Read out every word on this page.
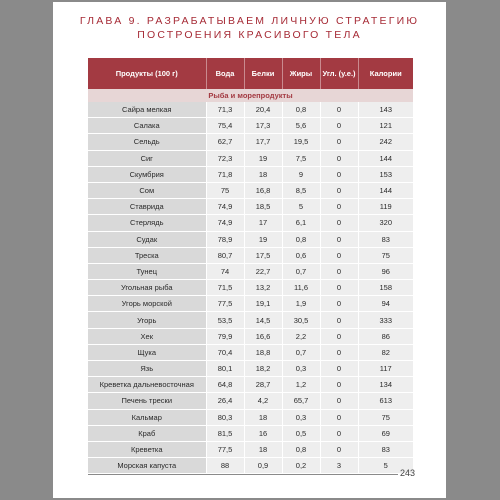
ГЛАВА 9. РАЗРАБАТЫВАЕМ ЛИЧНУЮ СТРАТЕГИЮ
ПОСТРОЕНИЯ КРАСИВОГО ТЕЛА
Продукты (100 г)	Вода	Белки	Жиры	Угл. (у.е.)	Калории
Рыба и морепродукты					
Сайра мелкая	71,3	20,4	0,8	0	143
Салака	75,4	17,3	5,6	0	121
Сельдь	62,7	17,7	19,5	0	242
Сиг	72,3	19	7,5	0	144
Скумбрия	71,8	18	9	0	153
Сом	75	16,8	8,5	0	144
Ставрида	74,9	18,5	5	0	119
Стерлядь	74,9	17	6,1	0	320
Судак	78,9	19	0,8	0	83
Треска	80,7	17,5	0,6	0	75
Тунец	74	22,7	0,7	0	96
Угольная рыба	71,5	13,2	11,6	0	158
Угорь морской	77,5	19,1	1,9	0	94
Угорь	53,5	14,5	30,5	0	333
Хек	79,9	16,6	2,2	0	86
Щука	70,4	18,8	0,7	0	82
Язь	80,1	18,2	0,3	0	117
Креветка дальневосточная	64,8	28,7	1,2	0	134
Печень трески	26,4	4,2	65,7	0	613
Кальмар	80,3	18	0,3	0	75
Краб	81,5	16	0,5	0	69
Креветка	77,5	18	0,8	0	83
Морская капуста	88	0,9	0,2	3	5
243
